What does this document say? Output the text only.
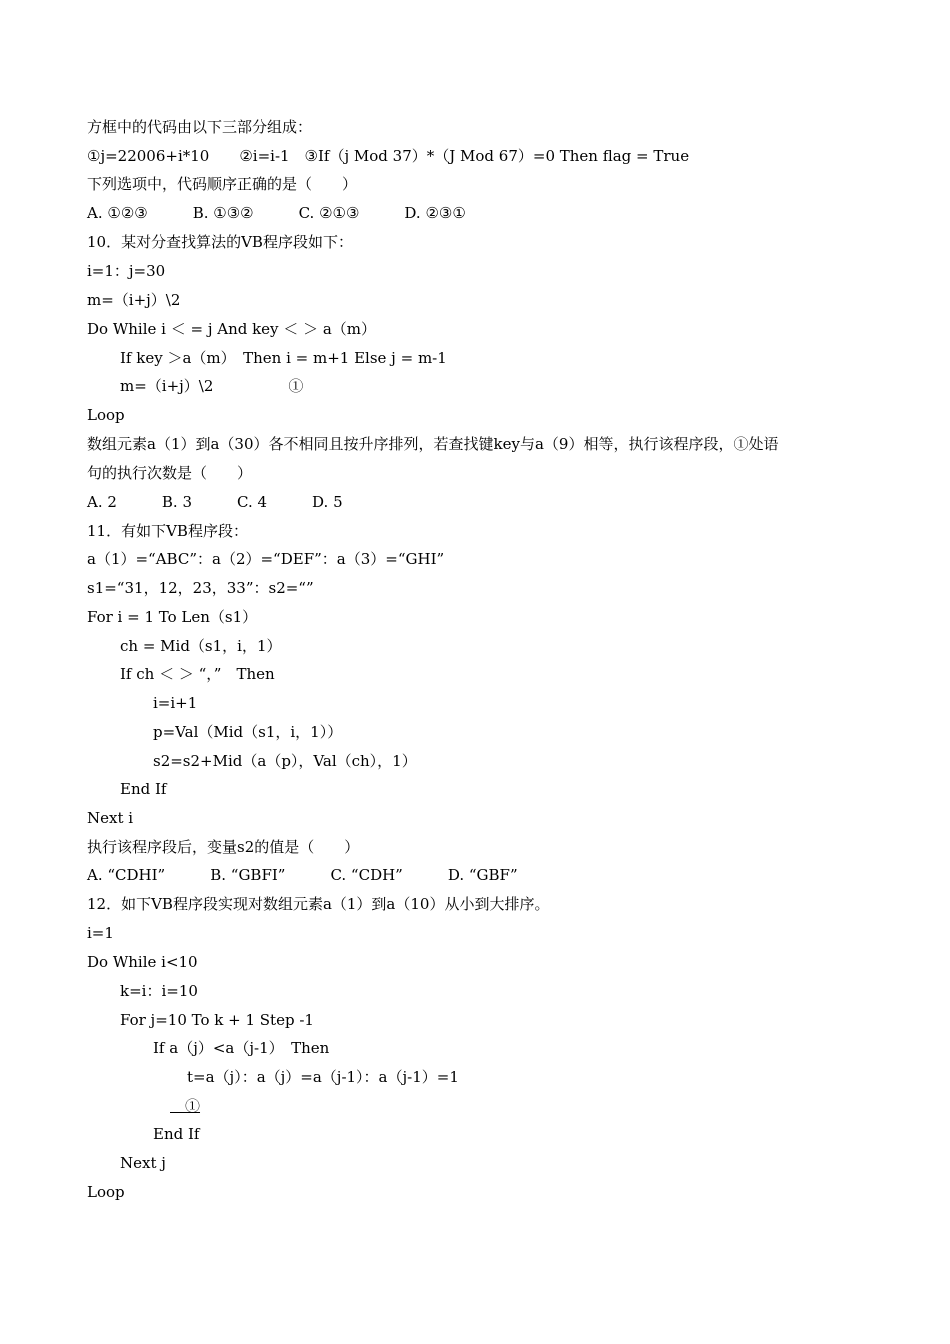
方框中的代码由以下三部分组成：
①j=22006+i*10　　②i=i-1　③If（j Mod 37）*（J Mod 67）=0 Then flag = True
下列选项中，代码顺序正确的是（　　）
A. ①②③　　　B. ①③②　　　C. ②①③　　　D. ②③①
10．某对分查找算法的VB程序段如下：
i=1：j=30
m=（i+j）\2
Do While i ＜ = j And key ＜ ＞ a（m）
If key ＞a（m）　Then i = m+1 Else j = m-1
m=（i+j）\2　　　　　①
Loop
数组元素a（1）到a（30）各不相同且按升序排列，若查找键key与a（9）相等，执行该程序段，①处语
句的执行次数是（　　）
A. 2　　　B. 3　　　C. 4　　　D. 5
11．有如下VB程序段：
a（1）=“ABC”：a（2）=“DEF”：a（3）=“GHI”
s1=“31，12，23，33”：s2=“”
For i = 1 To Len（s1）
ch = Mid（s1，i，1）
If ch ＜ ＞ “，”　Then
i=i+1
p=Val（Mid（s1，i，1））
s2=s2+Mid（a（p），Val（ch），1）
End If
Next i
执行该程序段后，变量s2的值是（　　）
A. “CDHI”　　　B. “GBFI”　　　C. “CDH”　　　D. “GBF”
12．如下VB程序段实现对数组元素a（1）到a（10）从小到大排序。
i=1
Do While i<10
k=i：i=10
For j=10 To k + 1 Step -1
If a（j）<a（j-1）　Then
t=a（j）：a（j）=a（j-1）：a（j-1）=1
　①
End If
Next j
Loop
